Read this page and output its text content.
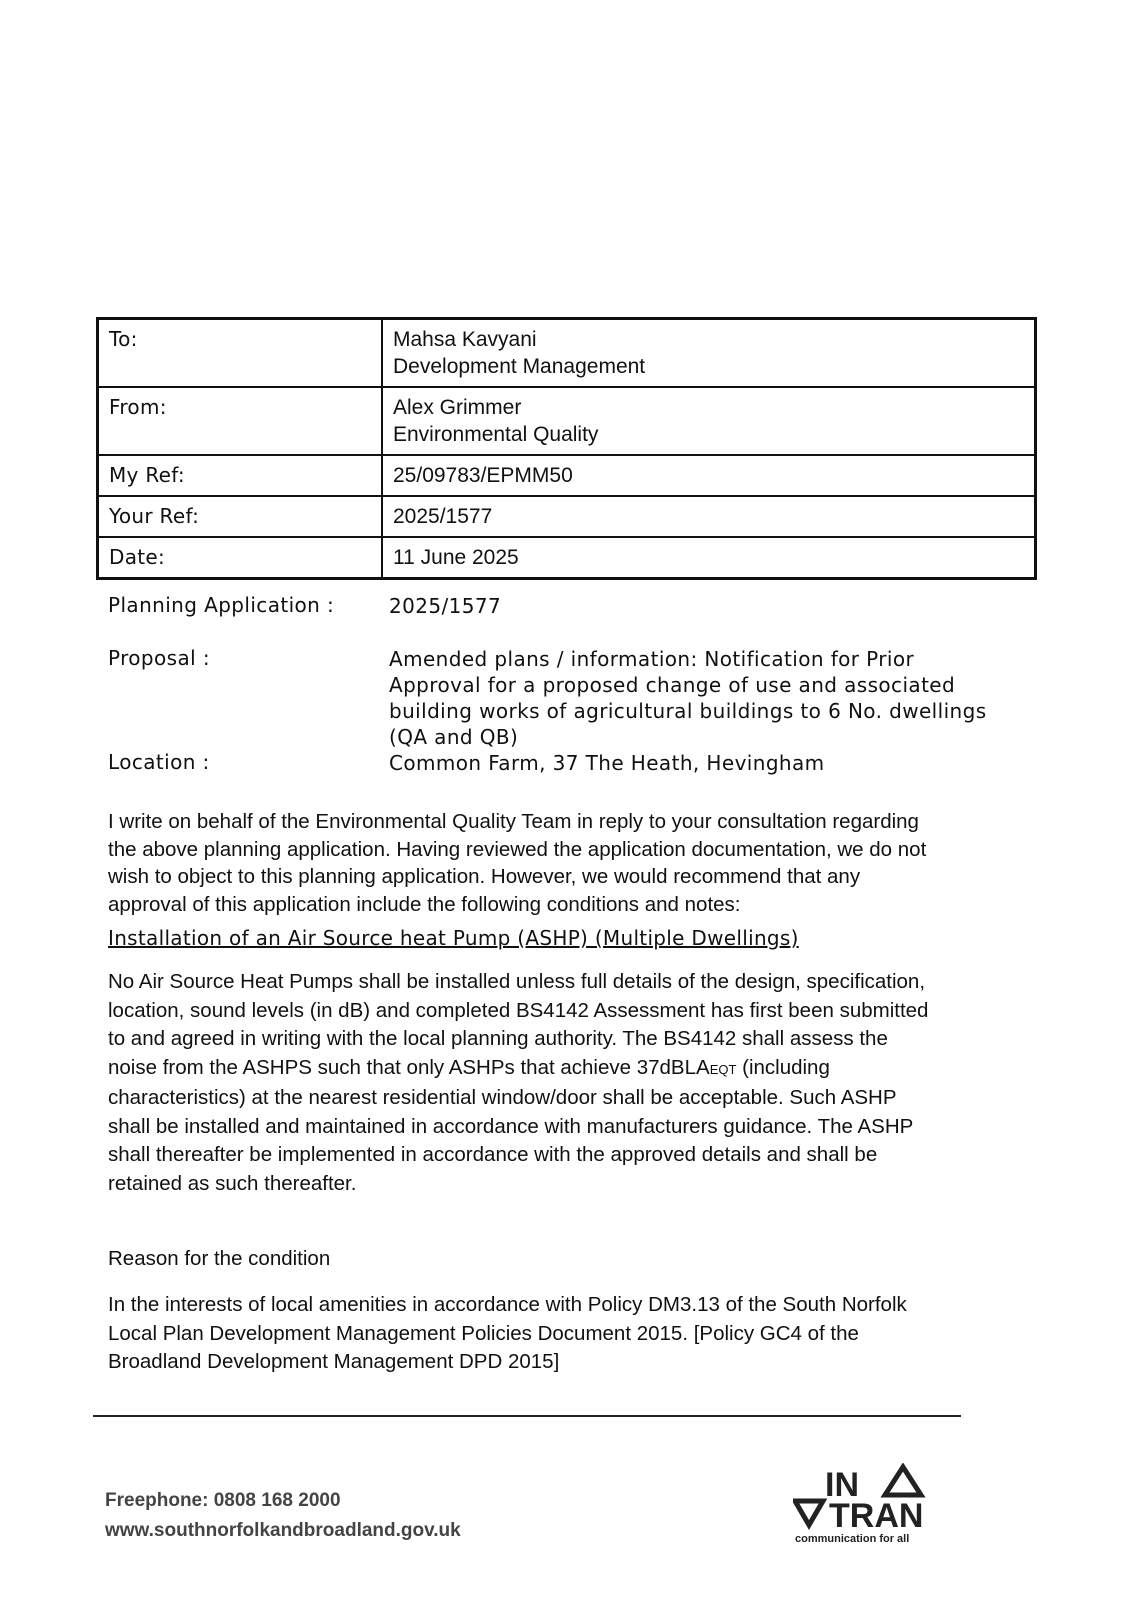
To:	Mahsa Kavyani
Development Management

From:	Alex Grimmer
Environmental Quality

My Ref:	25/09783/EPMM50
Your Ref:	2025/1577
Date:	11 June 2025
Planning Application :	2025/1577
Proposal :	Amended plans / information: Notification for Prior
Approval for a proposed change of use and associated
building works of agricultural buildings to 6 No. dwellings
(QA and QB)
Location :	Common Farm, 37 The Heath, Hevingham
I write on behalf of the Environmental Quality Team in reply to your consultation regarding
the above planning application. Having reviewed the application documentation, we do not
wish to object to this planning application. However, we would recommend that any
approval of this application include the following conditions and notes:
Installation of an Air Source heat Pump (ASHP) (Multiple Dwellings)
No Air Source Heat Pumps shall be installed unless full details of the design, specification,
location, sound levels (in dB) and completed BS4142 Assessment has first been submitted
to and agreed in writing with the local planning authority. The BS4142 shall assess the
noise from the ASHPS such that only ASHPs that achieve 37dBLAEQT (including
characteristics) at the nearest residential window/door shall be acceptable. Such ASHP
shall be installed and maintained in accordance with manufacturers guidance. The ASHP
shall thereafter be implemented in accordance with the approved details and shall be
retained as such thereafter.
Reason for the condition
In the interests of local amenities in accordance with Policy DM3.13 of the South Norfolk
Local Plan Development Management Policies Document 2015. [Policy GC4 of the
Broadland Development Management DPD 2015]
Freephone: 0808 168 2000
www.southnorfolkandbroadland.gov.uk
IN
TRAN
communication for all
